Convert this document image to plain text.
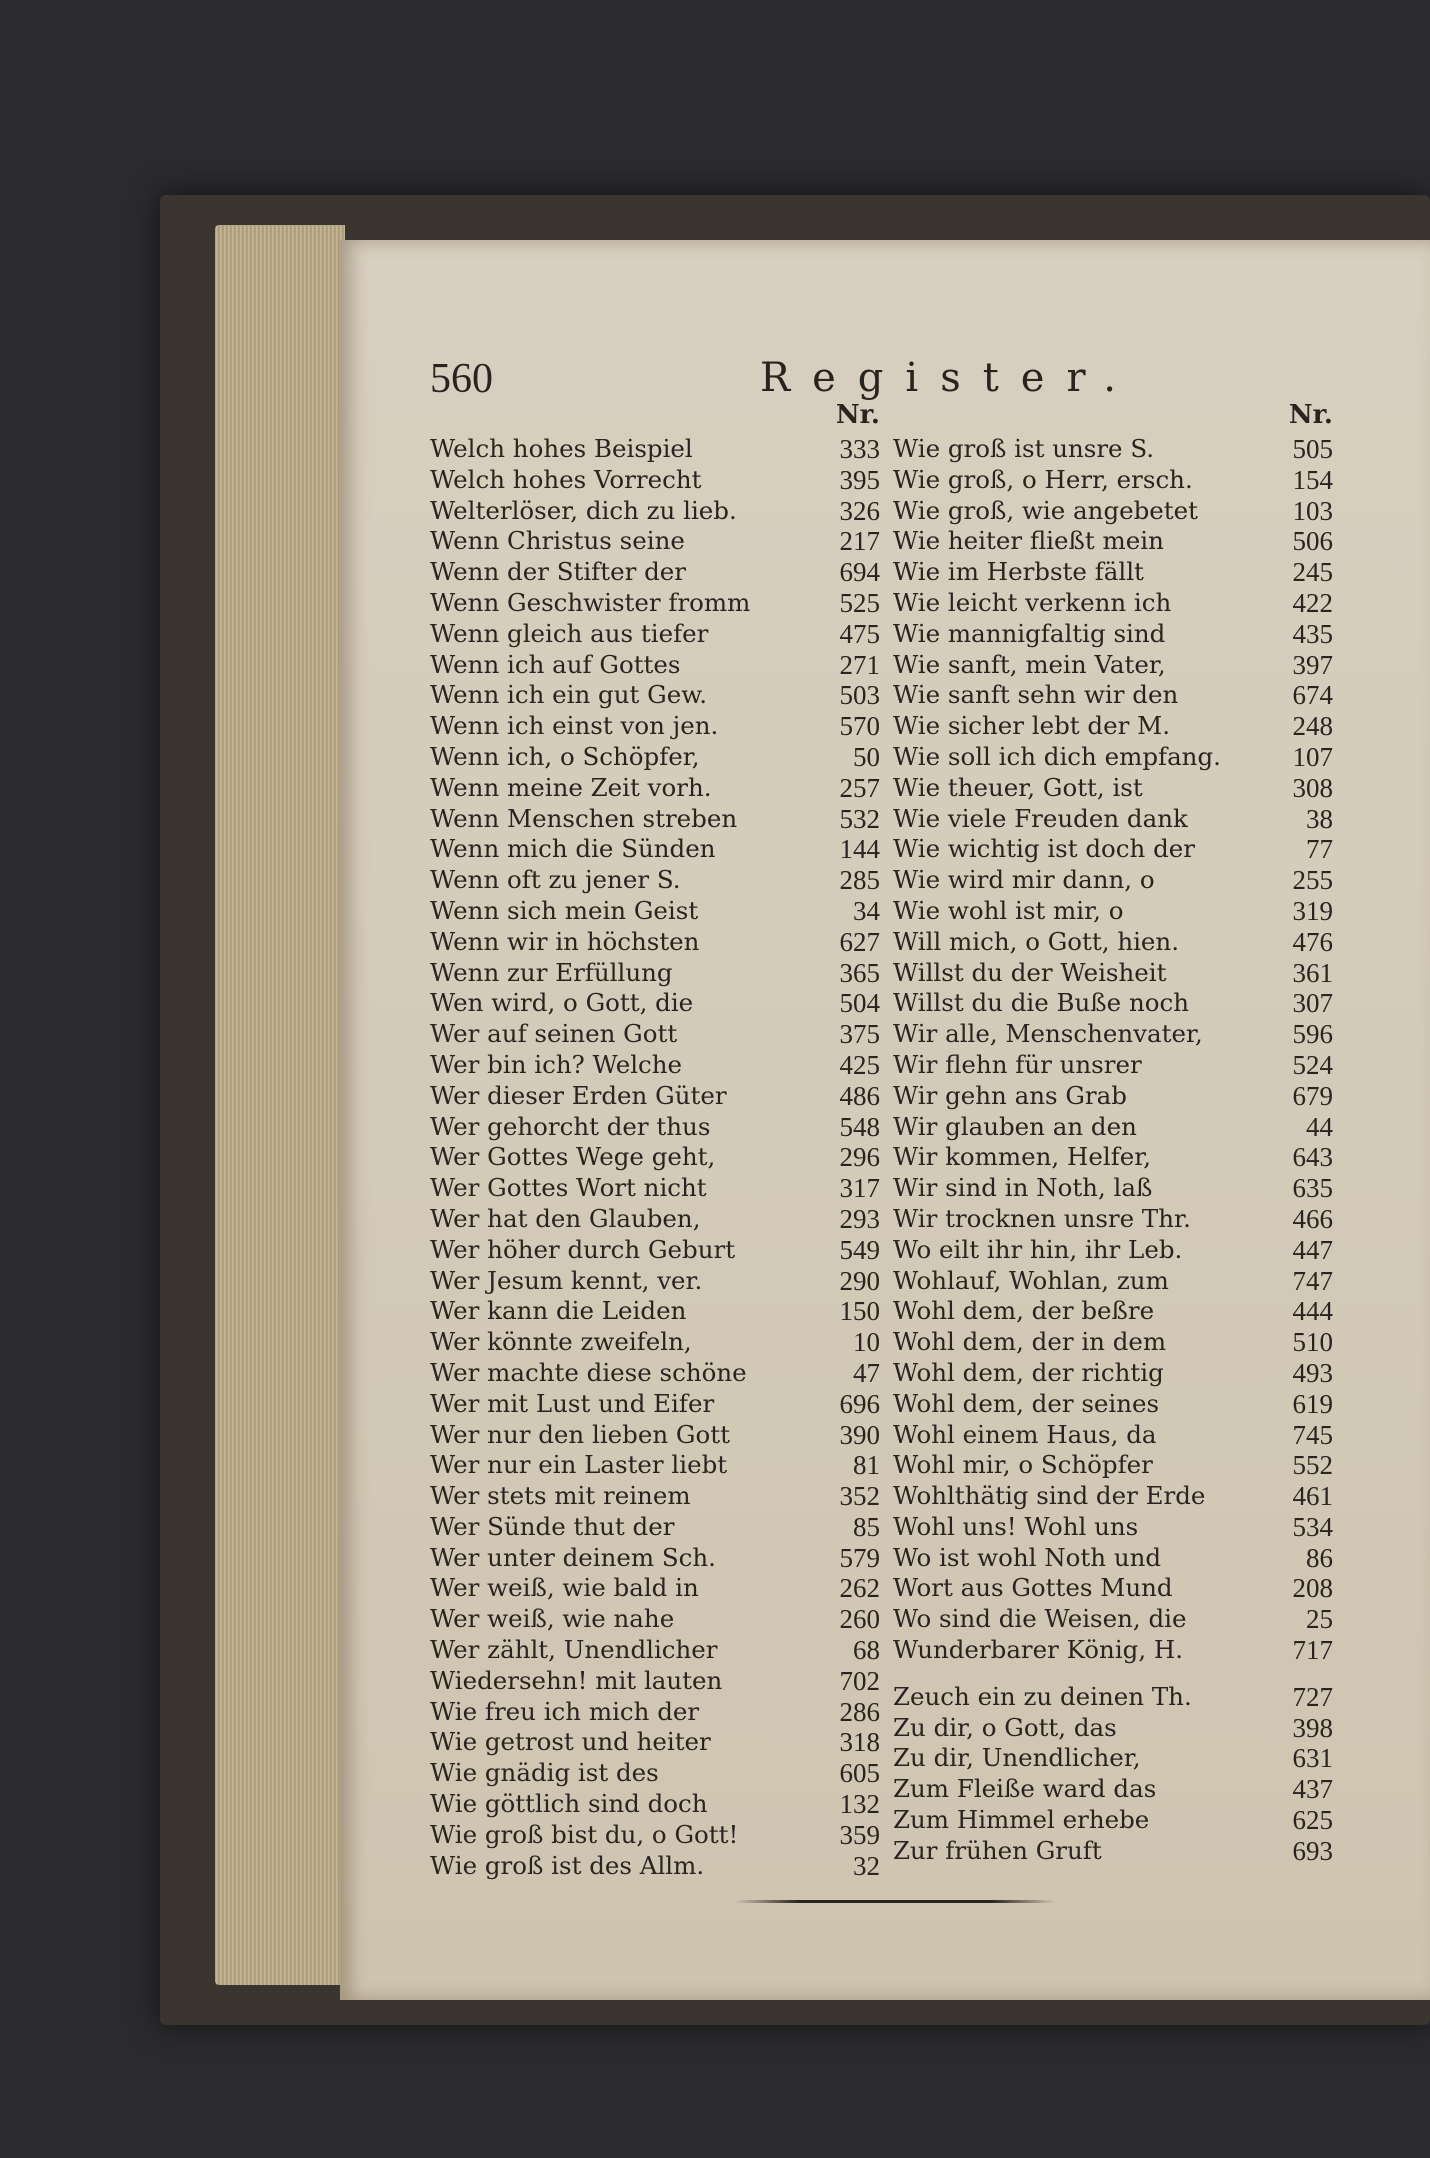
560	Register.
Nr.
Welch hohes Beispiel	333
Welch hohes Vorrecht	395
Welterlöser, dich zu lieb.	326
Wenn Christus seine	217
Wenn der Stifter der	694
Wenn Geschwister fromm	525
Wenn gleich aus tiefer	475
Wenn ich auf Gottes	271
Wenn ich ein gut Gew.	503
Wenn ich einst von jen.	570
Wenn ich, o Schöpfer,	50
Wenn meine Zeit vorh.	257
Wenn Menschen streben	532
Wenn mich die Sünden	144
Wenn oft zu jener S.	285
Wenn sich mein Geist	34
Wenn wir in höchsten	627
Wenn zur Erfüllung	365
Wen wird, o Gott, die	504
Wer auf seinen Gott	375
Wer bin ich? Welche	425
Wer dieser Erden Güter	486
Wer gehorcht der thus	548
Wer Gottes Wege geht,	296
Wer Gottes Wort nicht	317
Wer hat den Glauben,	293
Wer höher durch Geburt	549
Wer Jesum kennt, ver.	290
Wer kann die Leiden	150
Wer könnte zweifeln,	10
Wer machte diese schöne	47
Wer mit Lust und Eifer	696
Wer nur den lieben Gott	390
Wer nur ein Laster liebt	81
Wer stets mit reinem	352
Wer Sünde thut der	85
Wer unter deinem Sch.	579
Wer weiß, wie bald in	262
Wer weiß, wie nahe	260
Wer zählt, Unendlicher	68
Wiedersehn! mit lauten	702
Wie freu ich mich der	286
Wie getrost und heiter	318
Wie gnädig ist des	605
Wie göttlich sind doch	132
Wie groß bist du, o Gott!	359
Wie groß ist des Allm.	32
Nr.
Wie groß ist unsre S.	505
Wie groß, o Herr, ersch.	154
Wie groß, wie angebetet	103
Wie heiter fließt mein	506
Wie im Herbste fällt	245
Wie leicht verkenn ich	422
Wie mannigfaltig sind	435
Wie sanft, mein Vater,	397
Wie sanft sehn wir den	674
Wie sicher lebt der M.	248
Wie soll ich dich empfang.	107
Wie theuer, Gott, ist	308
Wie viele Freuden dank	38
Wie wichtig ist doch der	77
Wie wird mir dann, o	255
Wie wohl ist mir, o	319
Will mich, o Gott, hien.	476
Willst du der Weisheit	361
Willst du die Buße noch	307
Wir alle, Menschenvater,	596
Wir flehn für unsrer	524
Wir gehn ans Grab	679
Wir glauben an den	44
Wir kommen, Helfer,	643
Wir sind in Noth, laß	635
Wir trocknen unsre Thr.	466
Wo eilt ihr hin, ihr Leb.	447
Wohlauf, Wohlan, zum	747
Wohl dem, der beßre	444
Wohl dem, der in dem	510
Wohl dem, der richtig	493
Wohl dem, der seines	619
Wohl einem Haus, da	745
Wohl mir, o Schöpfer	552
Wohlthätig sind der Erde	461
Wohl uns! Wohl uns	534
Wo ist wohl Noth und	86
Wort aus Gottes Mund	208
Wo sind die Weisen, die	25
Wunderbarer König, H.	717
Zeuch ein zu deinen Th.	727
Zu dir, o Gott, das	398
Zu dir, Unendlicher,	631
Zum Fleiße ward das	437
Zum Himmel erhebe	625
Zur frühen Gruft	693
